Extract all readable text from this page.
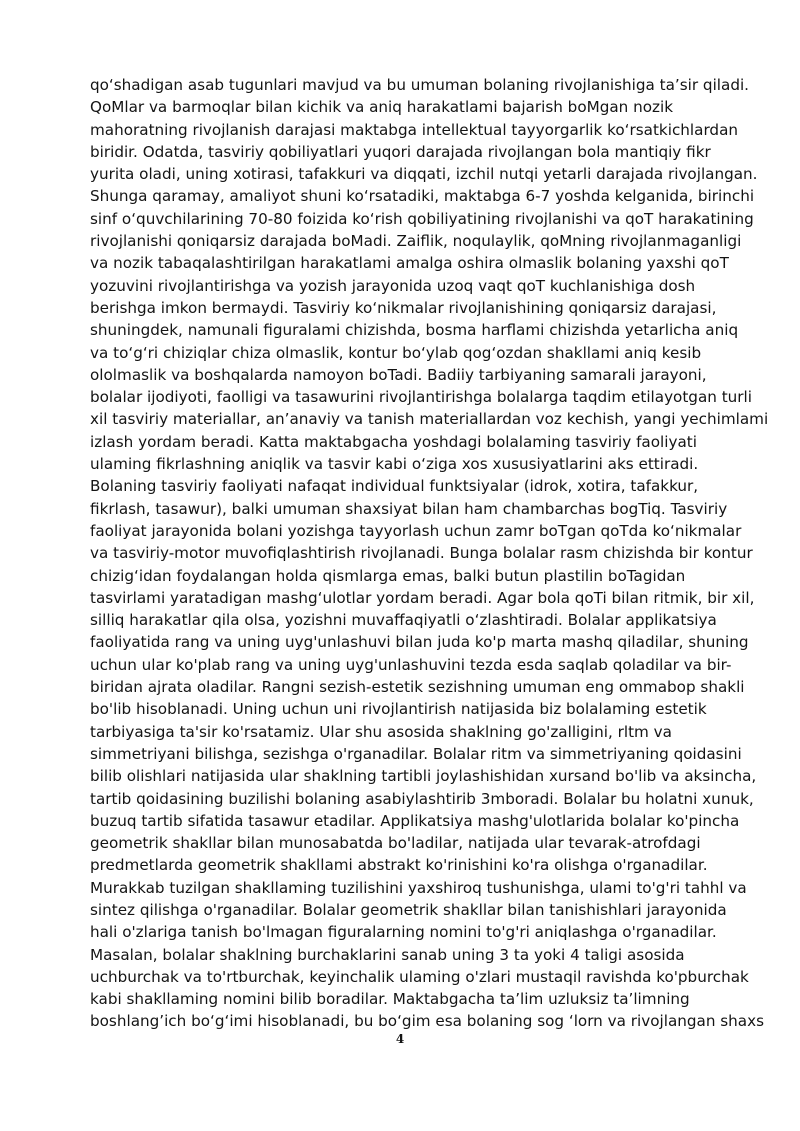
qo‘shadigan asab tugunlari mavjud va bu umuman bolaning rivojlanishiga ta’sir qiladi.
QoMlar va barmoqlar bilan kichik va aniq harakatlami bajarish boMgan nozik
mahoratning rivojlanish darajasi maktabga intellektual tayyorgarlik ko‘rsatkichlardan
biridir. Odatda, tasviriy qobiliyatlari yuqori darajada rivojlangan bola mantiqiy fikr
yurita oladi, uning xotirasi, tafakkuri va diqqati, izchil nutqi yetarli darajada rivojlangan.
Shunga qaramay, amaliyot shuni ko‘rsatadiki, maktabga 6-7 yoshda kelganida, birinchi
sinf o‘quvchilarining 70-80 foizida ko‘rish qobiliyatining rivojlanishi va qoT harakatining
rivojlanishi qoniqarsiz darajada boMadi. Zaiflik, noqulaylik, qoMning rivojlanmaganligi
va nozik tabaqalashtirilgan harakatlami amalga oshira olmaslik bolaning yaxshi qoT
yozuvini rivojlantirishga va yozish jarayonida uzoq vaqt qoT kuchlanishiga dosh
berishga imkon bermaydi. Tasviriy ko‘nikmalar rivojlanishining qoniqarsiz darajasi,
shuningdek, namunali figuralami chizishda, bosma harflami chizishda yetarlicha aniq
va to‘g‘ri chiziqlar chiza olmaslik, kontur bo‘ylab qog‘ozdan shakllami aniq kesib
ololmaslik va boshqalarda namoyon boTadi. Badiiy tarbiyaning samarali jarayoni,
bolalar ijodiyoti, faolligi va tasawurini rivojlantirishga bolalarga taqdim etilayotgan turli
xil tasviriy materiallar, an’anaviy va tanish materiallardan voz kechish, yangi yechimlami
izlash yordam beradi. Katta maktabgacha yoshdagi bolalaming tasviriy faoliyati
ulaming fikrlashning aniqlik va tasvir kabi o‘ziga xos xususiyatlarini aks ettiradi.
Bolaning tasviriy faoliyati nafaqat individual funktsiyalar (idrok, xotira, tafakkur,
fikrlash, tasawur), balki umuman shaxsiyat bilan ham chambarchas bogTiq. Tasviriy
faoliyat jarayonida bolani yozishga tayyorlash uchun zamr boTgan qoTda ko‘nikmalar
va tasviriy-motor muvofiqlashtirish rivojlanadi. Bunga bolalar rasm chizishda bir kontur
chizig‘idan foydalangan holda qismlarga emas, balki butun plastilin boTagidan
tasvirlami yaratadigan mashg‘ulotlar yordam beradi. Agar bola qoTi bilan ritmik, bir xil,
silliq harakatlar qila olsa, yozishni muvaffaqiyatli o‘zlashtiradi. Bolalar applikatsiya
faoliyatida rang va uning uyg'unlashuvi bilan juda ko'p marta mashq qiladilar, shuning
uchun ular ko'plab rang va uning uyg'unlashuvini tezda esda saqlab qoladilar va bir-
biridan ajrata oladilar. Rangni sezish-estetik sezishning umuman eng ommabop shakli
bo'lib hisoblanadi. Uning uchun uni rivojlantirish natijasida biz bolalaming estetik
tarbiyasiga ta'sir ko'rsatamiz. Ular shu asosida shaklning go'zalligini, rltm va
simmetriyani bilishga, sezishga o'rganadilar. Bolalar ritm va simmetriyaning qoidasini
bilib olishlari natijasida ular shaklning tartibli joylashishidan xursand bo'lib va aksincha,
tartib qoidasining buzilishi bolaning asabiylashtirib 3mboradi. Bolalar bu holatni xunuk,
buzuq tartib sifatida tasawur etadilar. Applikatsiya mashg'ulotlarida bolalar ko'pincha
geometrik shakllar bilan munosabatda bo'ladilar, natijada ular tevarak-atrofdagi
predmetlarda geometrik shakllami abstrakt ko'rinishini ko'ra olishga o'rganadilar.
Murakkab tuzilgan shakllaming tuzilishini yaxshiroq tushunishga, ulami to'g'ri tahhl va
sintez qilishga o'rganadilar. Bolalar geometrik shakllar bilan tanishishlari jarayonida
hali o'zlariga tanish bo'lmagan figuralarning nomini to'g'ri aniqlashga o'rganadilar.
Masalan, bolalar shaklning burchaklarini sanab uning 3 ta yoki 4 taligi asosida
uchburchak va to'rtburchak, keyinchalik ulaming o'zlari mustaqil ravishda ko'pburchak
kabi shakllaming nomini bilib boradilar. Maktabgacha ta’lim uzluksiz ta’limning
boshlang’ich bo‘g‘imi hisoblanadi, bu bo‘gim esa bolaning sog ‘lorn va rivojlangan shaxs
4
